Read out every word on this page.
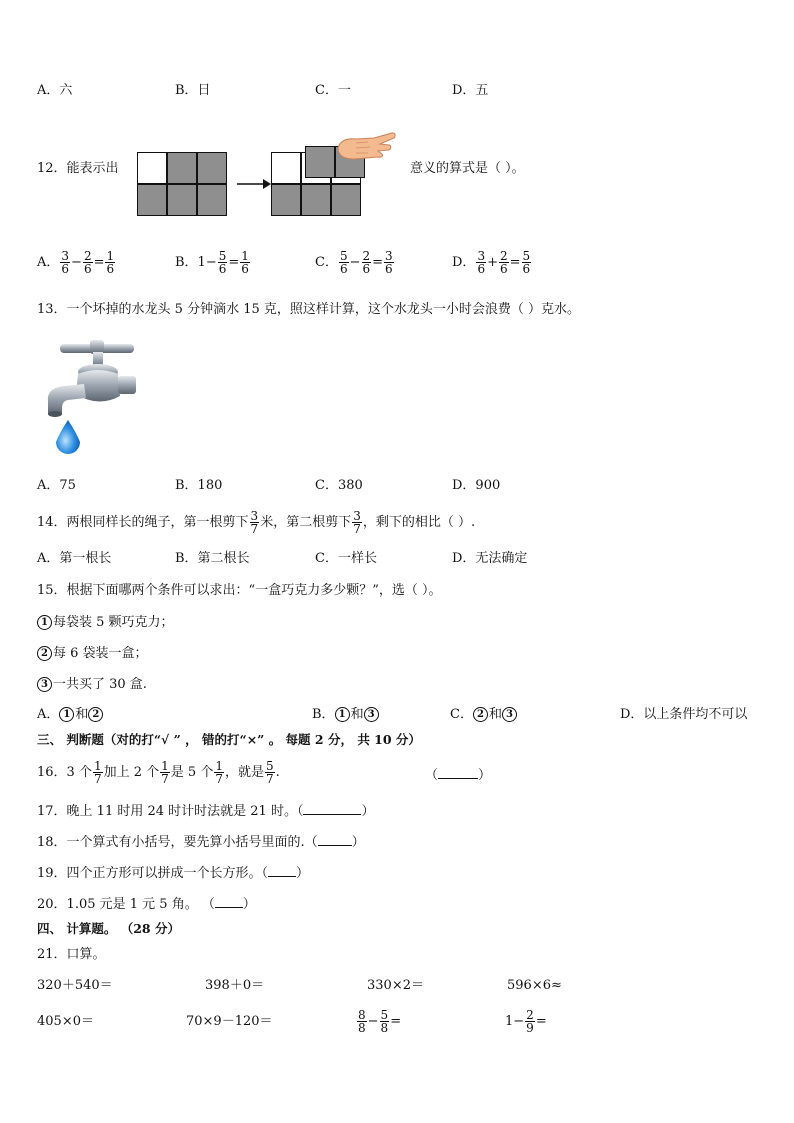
A．六	B．日	C．一	D．五
12．能表示出	意义的算式是（ ）。
A． $\frac{3}{6} - \frac{2}{6} = \frac{1}{6}$	B．$1- \frac{5}{6} = \frac{1}{6}$	C． $\frac{5}{6} - \frac{2}{6} = \frac{3}{6}$	D． $\frac{3}{6} + \frac{2}{6} = \frac{5}{6}$
13．一个坏掉的水龙头 5 分钟滴水 15 克，照这样计算，这个水龙头一小时会浪费（ ）克水。
A．75	B．180	C．380	D．900
14．两根同样长的绳子，第一根剪下 $\frac{3}{7}$ 米，第二根剪下 $\frac{3}{7}$ ，剩下的相比（ ）.
A．第一根长	B．第二根长	C．一样长	D．无法确定
15．根据下面哪两个条件可以求出：“一盒巧克力多少颗？”，选（ ）。
1 每袋装 5 颗巧克力；
2 每 6 袋装一盒；
3 一共买了 30 盒.
A． 1 和 2	B． 1 和 3	C． 2 和 3	D．以上条件均不可以
三、 判断题（对的打“√ ” ， 错的打“×” 。 每题 2 分， 共 10 分）
16．3 个 $\frac{1}{7}$ 加上 2 个 $\frac{1}{7}$ 是 5 个 $\frac{1}{7}$ ，就是 $\frac{5}{7}$ .	（	）
17．晚上 11 时用 24 时计时法就是 21 时。（	）
18．一个算式有小括号，要先算小括号里面的.（	）
19．四个正方形可以拼成一个长方形。（ ）
20．1.05 元是 1 元 5 角。 （ ）
四、 计算题。 （28 分）
21．口算。
320＋540＝	398＋0＝	330×2＝	596×6≈
405×0＝	70×9－120＝	$\frac{8}{8} - \frac{5}{8}$ =	$1- \frac{2}{9}$ =
